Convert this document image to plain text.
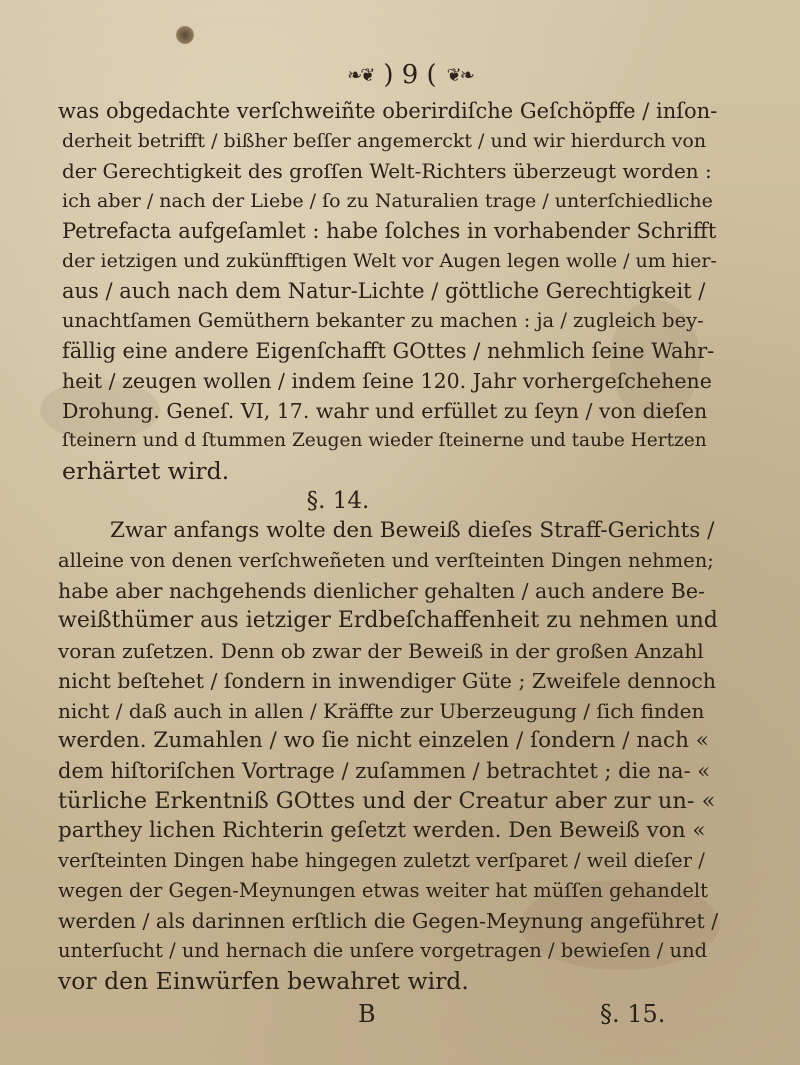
❧❦ ) 9 ( ❦❧
was obgedachte verſchweiñte oberirdiſche Geſchöpffe / inſon-
derheit betrifft / bißher beſſer angemerckt / und wir hierdurch von
der Gerechtigkeit des groſſen Welt-Richters überzeugt worden :
ich aber / nach der Liebe / ſo zu Naturalien trage / unterſchiedliche
Petrefacta aufgeſamlet : habe ſolches in vorhabender Schrifft
der ietzigen und zukünfftigen Welt vor Augen legen wolle / um hier-
aus / auch nach dem Natur-Lichte / göttliche Gerechtigkeit /
unachtſamen Gemüthern bekanter zu machen : ja / zugleich bey-
fällig eine andere Eigenſchafft GOttes / nehmlich ſeine Wahr-
heit / zeugen wollen / indem ſeine 120. Jahr vorhergeſchehene
Drohung. Geneſ. VI, 17. wahr und erfüllet zu ſeyn / von dieſen
ſteinern und d ſtummen Zeugen wieder ſteinerne und taube Hertzen
erhärtet wird.
§. 14.
Zwar anfangs wolte den Beweiß dieſes Straff-Gerichts /
alleine von denen verſchweñeten und verſteinten Dingen nehmen;
habe aber nachgehends dienlicher gehalten / auch andere Be-
weißthümer aus ietziger Erdbeſchaffenheit zu nehmen und
voran zuſetzen. Denn ob zwar der Beweiß in der großen Anzahl
nicht beſtehet / ſondern in inwendiger Güte ; Zweifele dennoch
nicht / daß auch in allen / Kräffte zur Uberzeugung / ſich finden
werden. Zumahlen / wo ſie nicht einzelen / ſondern / nach «
dem hiſtoriſchen Vortrage / zuſammen / betrachtet ; die na- «
türliche Erkentniß GOttes und der Creatur aber zur un- «
parthey lichen Richterin geſetzt werden. Den Beweiß von «
verſteinten Dingen habe hingegen zuletzt verſparet / weil dieſer /
wegen der Gegen-Meynungen etwas weiter hat müſſen gehandelt
werden / als darinnen erſtlich die Gegen-Meynung angeführet /
unterſucht / und hernach die unſere vorgetragen / bewieſen / und
vor den Einwürfen bewahret wird.
B	§. 15.
